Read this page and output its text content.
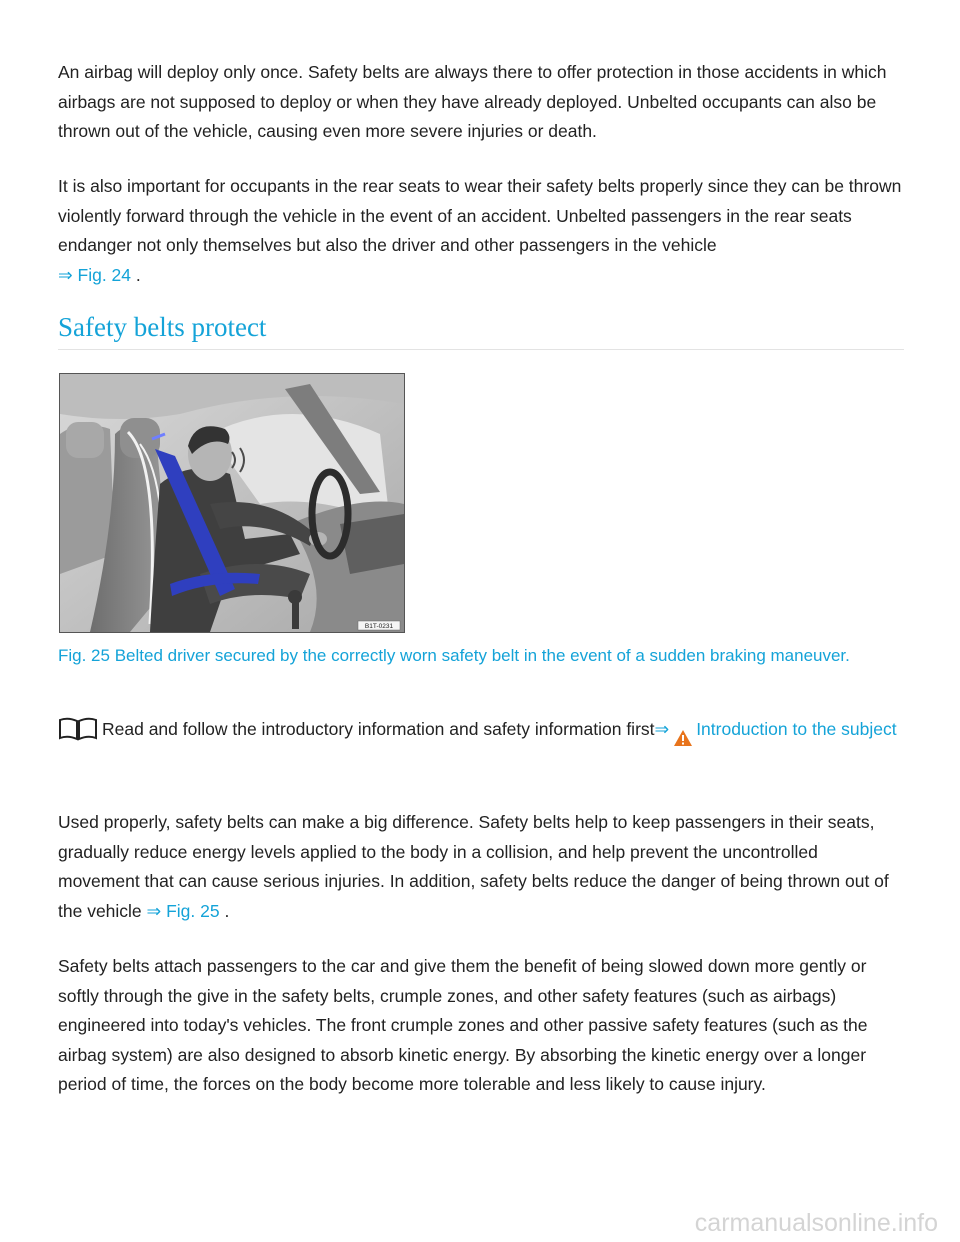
An airbag will deploy only once. Safety belts are always there to offer protection in those accidents in which airbags are not supposed to deploy or when they have already deployed. Unbelted occupants can also be thrown out of the vehicle, causing even more severe injuries or death.

It is also important for occupants in the rear seats to wear their safety belts properly since they can be thrown violently forward through the vehicle in the event of an accident. Unbelted passengers in the rear seats endanger not only themselves but also the driver and other passengers in the vehicle
⇒ Fig. 24 .

Safety belts protect
B1T-0231

Fig. 25 Belted driver secured by the correctly worn safety belt in the event of a sudden braking maneuver.

Read and follow the introductory information and safety information first⇒ Introduction to the subject

Used properly, safety belts can make a big difference. Safety belts help to keep passengers in their seats, gradually reduce energy levels applied to the body in a collision, and help prevent the uncontrolled movement that can cause serious injuries. In addition, safety belts reduce the danger of being thrown out of the vehicle ⇒ Fig. 25 .

Safety belts attach passengers to the car and give them the benefit of being slowed down more gently or softly through the give in the safety belts, crumple zones, and other safety features (such as airbags) engineered into today's vehicles. The front crumple zones and other passive safety features (such as the airbag system) are also designed to absorb kinetic energy. By absorbing the kinetic energy over a longer period of time, the forces on the body become more tolerable and less likely to cause injury.

carmanualsonline.info
